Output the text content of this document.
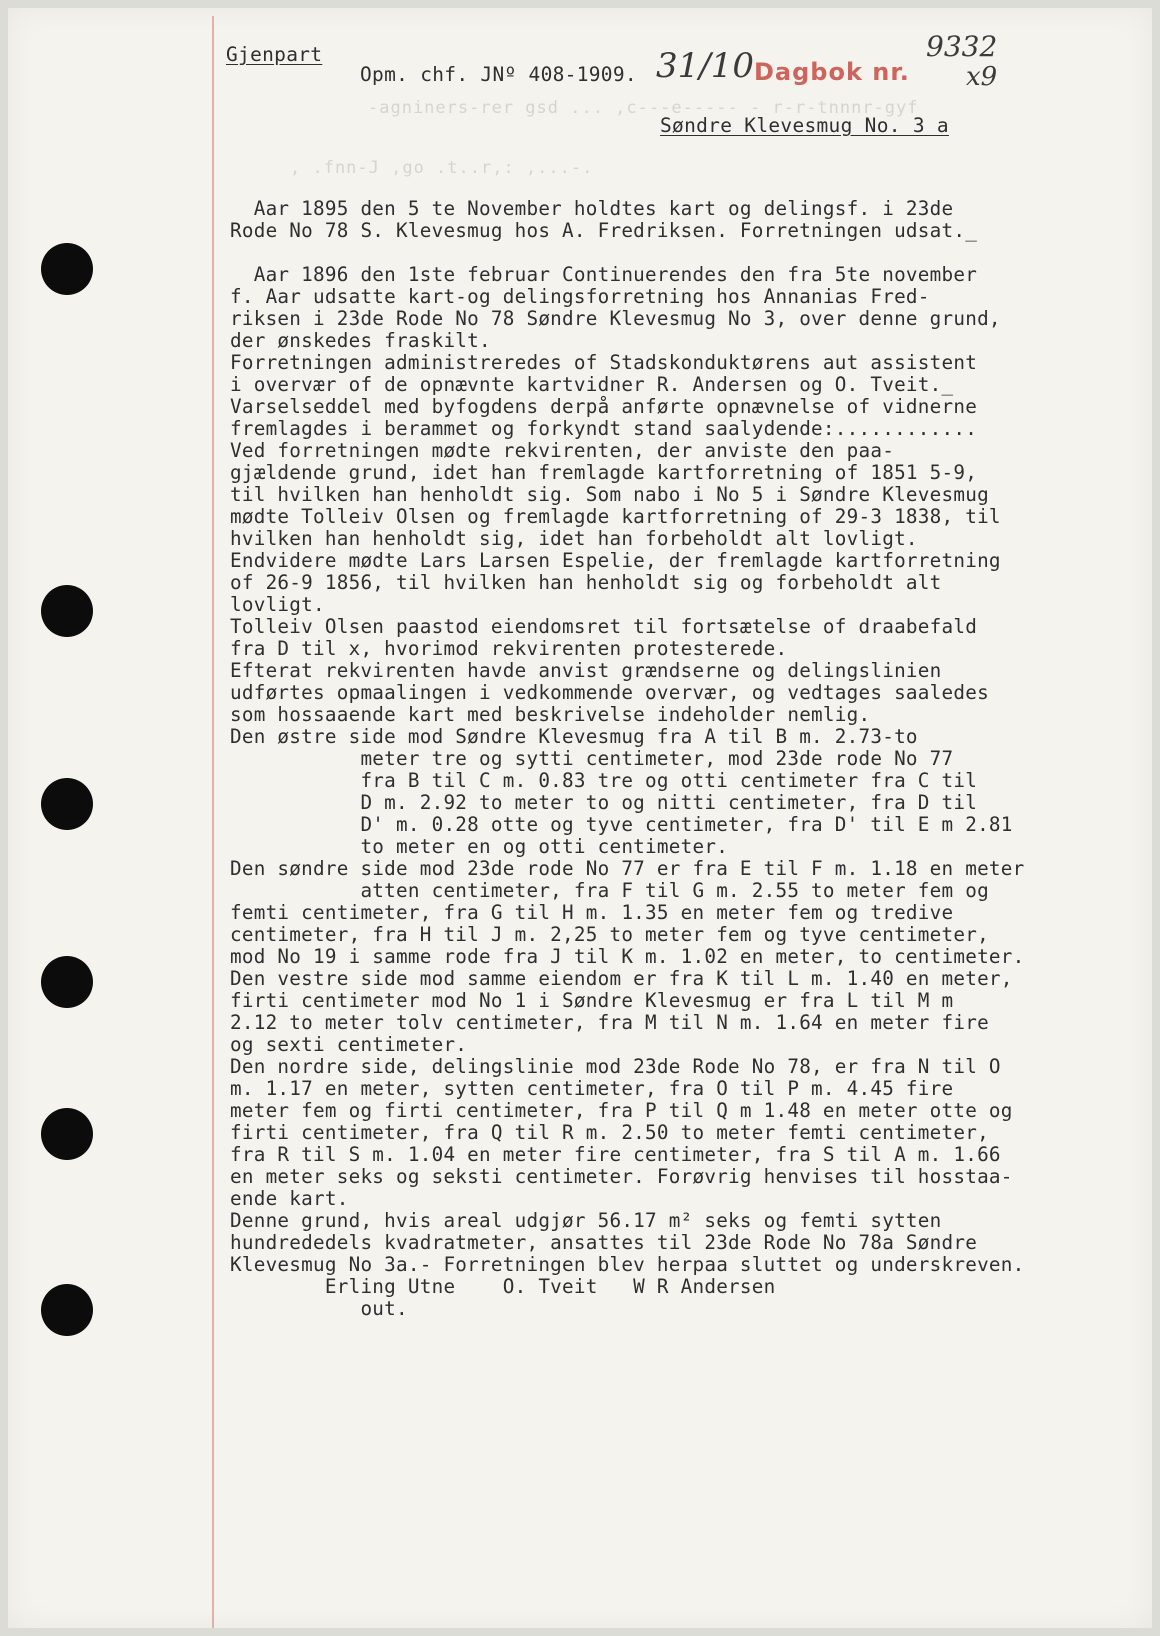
Gjenpart
Opm. chf. JNº 408-1909. 31/10 Dagbok nr.
9332
x9
-agniners-rer gsd ... ,c---e----- - r-r-tnnnr-gyf
, .fnn-J ,go .t..r,: ,...-.
Søndre Klevesmug No. 3 a
Aar 1895 den 5 te November holdtes kart og delingsf. i 23de
Rode No 78 S. Klevesmug hos A. Fredriksen. Forretningen udsat._
Aar 1896 den 1ste februar Continuerendes den fra 5te november
f. Aar udsatte kart-og delingsforretning hos Annanias Fred-
riksen i 23de Rode No 78 Søndre Klevesmug No 3, over denne grund,
der ønskedes fraskilt.
Forretningen administreredes of Stadskonduktørens aut assistent
i overvær of de opnævnte kartvidner R. Andersen og O. Tveit._
Varselseddel med byfogdens derpå anførte opnævnelse of vidnerne
fremlagdes i berammet og forkyndt stand saalydende:............
Ved forretningen mødte rekvirenten, der anviste den paa-
gjældende grund, idet han fremlagde kartforretning of 1851 5-9,
til hvilken han henholdt sig. Som nabo i No 5 i Søndre Klevesmug
mødte Tolleiv Olsen og fremlagde kartforretning of 29-3 1838, til
hvilken han henholdt sig, idet han forbeholdt alt lovligt.
Endvidere mødte Lars Larsen Espelie, der fremlagde kartforretning
of 26-9 1856, til hvilken han henholdt sig og forbeholdt alt
lovligt.
Tolleiv Olsen paastod eiendomsret til fortsætelse of draabefald
fra D til x, hvorimod rekvirenten protesterede.
Efterat rekvirenten havde anvist grændserne og delingslinien
udførtes opmaalingen i vedkommende overvær, og vedtages saaledes
som hossaaende kart med beskrivelse indeholder nemlig.
Den østre side mod Søndre Klevesmug fra A til B m. 2.73-to
meter tre og sytti centimeter, mod 23de rode No 77
fra B til C m. 0.83 tre og otti centimeter fra C til
D m. 2.92 to meter to og nitti centimeter, fra D til
D' m. 0.28 otte og tyve centimeter, fra D' til E m 2.81
to meter en og otti centimeter.
Den søndre side mod 23de rode No 77 er fra E til F m. 1.18 en meter
atten centimeter, fra F til G m. 2.55 to meter fem og
femti centimeter, fra G til H m. 1.35 en meter fem og tredive
centimeter, fra H til J m. 2,25 to meter fem og tyve centimeter,
mod No 19 i samme rode fra J til K m. 1.02 en meter, to centimeter.
Den vestre side mod samme eiendom er fra K til L m. 1.40 en meter,
firti centimeter mod No 1 i Søndre Klevesmug er fra L til M m
2.12 to meter tolv centimeter, fra M til N m. 1.64 en meter fire
og sexti centimeter.
Den nordre side, delingslinie mod 23de Rode No 78, er fra N til O
m. 1.17 en meter, sytten centimeter, fra O til P m. 4.45 fire
meter fem og firti centimeter, fra P til Q m 1.48 en meter otte og
firti centimeter, fra Q til R m. 2.50 to meter femti centimeter,
fra R til S m. 1.04 en meter fire centimeter, fra S til A m. 1.66
en meter seks og seksti centimeter. Forøvrig henvises til hosstaa-
ende kart.
Denne grund, hvis areal udgjør 56.17 m² seks og femti sytten
hundrededels kvadratmeter, ansattes til 23de Rode No 78a Søndre
Klevesmug No 3a.- Forretningen blev herpaa sluttet og underskreven.
Erling Utne    O. Tveit   W R Andersen
out.
